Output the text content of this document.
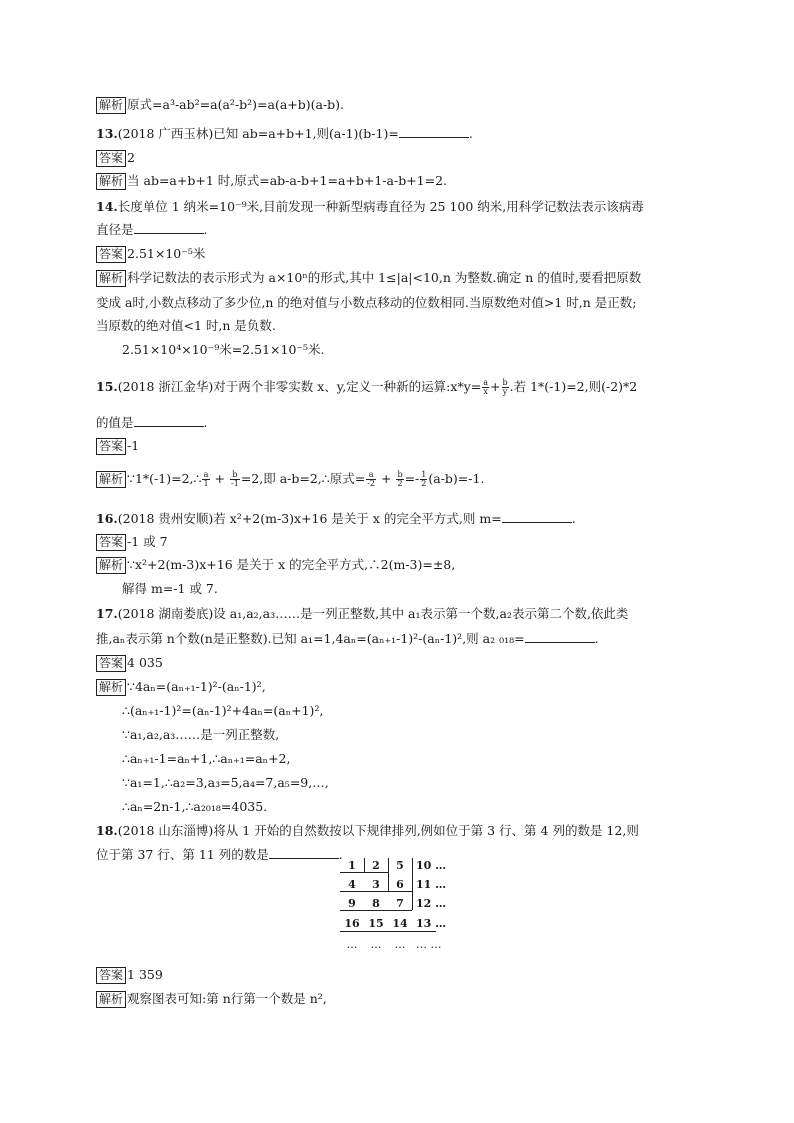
解析 原式=a³-ab²=a(a²-b²)=a(a+b)(a-b).
13.(2018 广西玉林)已知 ab=a+b+1,则(a-1)(b-1)=	.
答案 2
解析 当 ab=a+b+1 时,原式=ab-a-b+1=a+b+1-a-b+1=2.
14.长度单位 1 纳米=10⁻⁹米,目前发现一种新型病毒直径为 25 100 纳米,用科学记数法表示该病毒
直径是	.
答案 2.51×10⁻⁵米
解析 科学记数法的表示形式为 a×10ⁿ的形式,其中 1≤|a|<10,n 为整数.确定 n 的值时,要看把原数
变成 a时,小数点移动了多少位,n 的绝对值与小数点移动的位数相同.当原数绝对值>1 时,n 是正数;
当原数的绝对值<1 时,n 是负数.
2.51×10⁴×10⁻⁹米=2.51×10⁻⁵米.
15.(2018 浙江金华)对于两个非零实数 x、y,定义一种新的运算:x*y= $\frac{a}{x} + \frac{b}{y}$ .若 1*(-1)=2,则(-2)*2
的值是	.
答案 -1
解析 ∵1*(-1)=2,∴ $\frac{a}{1} + \frac{b}{-1} =2$,即 a-b=2,∴原式= $\frac{a}{-2} + \frac{b}{2} =- \frac{1}{2} (a-b)=-1$.
16.(2018 贵州安顺)若 x²+2(m-3)x+16 是关于 x 的完全平方式,则 m=	.
答案 -1 或 7
解析 ∵x²+2(m-3)x+16 是关于 x 的完全平方式,∴2(m-3)=±8,
解得 m=-1 或 7.
17.(2018 湖南娄底)设 a₁,a₂,a₃……是一列正整数,其中 a₁表示第一个数,a₂表示第二个数,依此类
推,aₙ表示第 n个数(n是正整数).已知 a₁=1,4aₙ=(aₙ₊₁-1)²-(aₙ-1)²,则 a₂ ₀₁₈=	.
答案 4 035
解析 ∵4aₙ=(aₙ₊₁-1)²-(aₙ-1)²,
∴(aₙ₊₁-1)²=(aₙ-1)²+4aₙ=(aₙ+1)²,
∵a₁,a₂,a₃……是一列正整数,
∴aₙ₊₁-1=aₙ+1,∴aₙ₊₁=aₙ+2,
∵a₁=1,∴a₂=3,a₃=5,a₄=7,a₅=9,…,
∴aₙ=2n-1,∴a₂₀₁₈=4035.
18.(2018 山东淄博)将从 1 开始的自然数按以下规律排列,例如位于第 3 行、第 4 列的数是 12,则
位于第 37 行、第 11 列的数是	.
1	2	5	10 …
4	3	6	11 …
9	8	7	12 …
16 15 14 13 …
…	…	… … …
答案 1 359
解析 观察图表可知:第 n行第一个数是 n²,
